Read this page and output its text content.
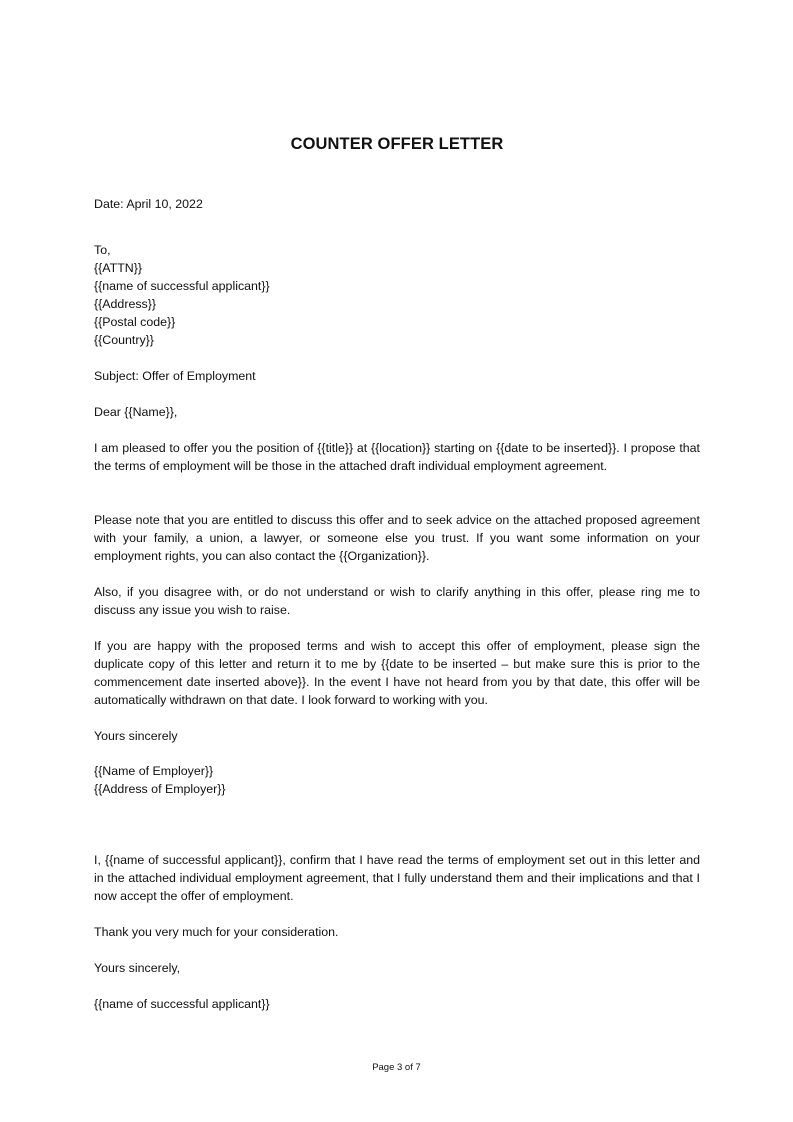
COUNTER OFFER LETTER

Date: April 10, 2022

To,
{{ATTN}}
{{name of successful applicant}}
{{Address}}
{{Postal code}}
{{Country}}

Subject: Offer of Employment

Dear {{Name}},

I am pleased to offer you the position of {{title}} at {{location}} starting on {{date to be inserted}}. I propose that the terms of employment will be those in the attached draft individual employment agreement.

Please note that you are entitled to discuss this offer and to seek advice on the attached proposed agreement with your family, a union, a lawyer, or someone else you trust. If you want some information on your employment rights, you can also contact the {{Organization}}.

Also, if you disagree with, or do not understand or wish to clarify anything in this offer, please ring me to discuss any issue you wish to raise.

If you are happy with the proposed terms and wish to accept this offer of employment, please sign the duplicate copy of this letter and return it to me by {{date to be inserted – but make sure this is prior to the commencement date inserted above}}. In the event I have not heard from you by that date, this offer will be automatically withdrawn on that date. I look forward to working with you.

Yours sincerely

{{Name of Employer}}
{{Address of Employer}}

I, {{name of successful applicant}}, confirm that I have read the terms of employment set out in this letter and in the attached individual employment agreement, that I fully understand them and their implications and that I now accept the offer of employment.

Thank you very much for your consideration.

Yours sincerely,

{{name of successful applicant}}

Page 3 of 7
